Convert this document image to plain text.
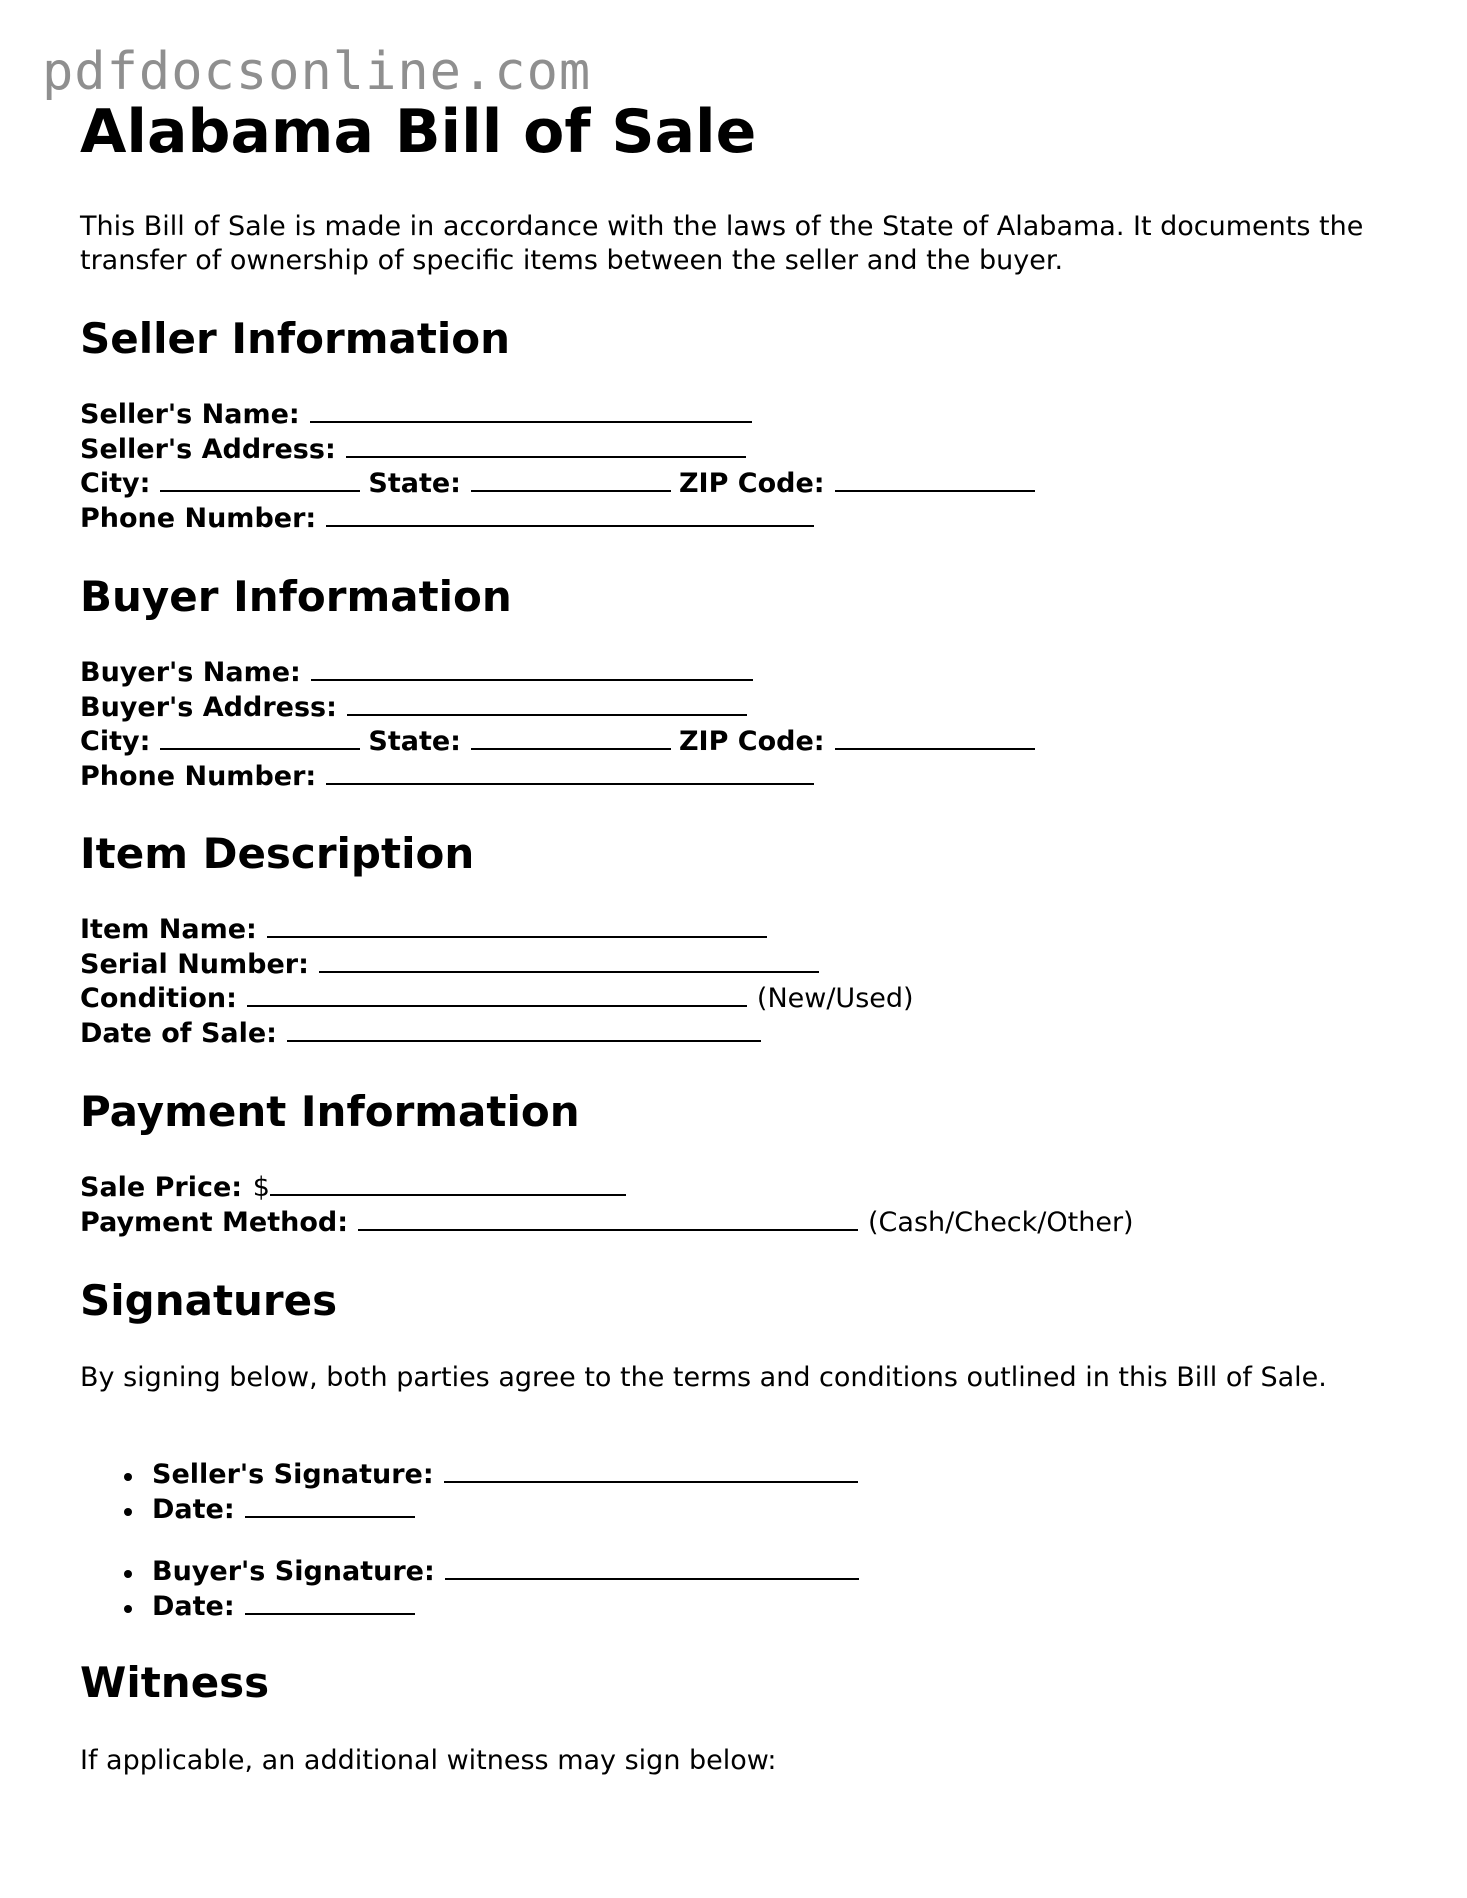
pdfdocsonline.com
Alabama Bill of Sale

This Bill of Sale is made in accordance with the laws of the State of Alabama. It documents the transfer of ownership of specific items between the seller and the buyer.

Seller Information
Seller's Name:
Seller's Address:
City:	State:	ZIP Code:
Phone Number:
Buyer Information
Buyer's Name:
Buyer's Address:
City:	State:	ZIP Code:
Phone Number:
Item Description
Item Name:
Serial Number:
Condition:	(New/Used)
Date of Sale:
Payment Information
Sale Price: $
Payment Method:	(Cash/Check/Other)
Signatures

By signing below, both parties agree to the terms and conditions outlined in this Bill of Sale.

Seller's Signature:
Date:
Buyer's Signature:
Date:
Witness

If applicable, an additional witness may sign below:
